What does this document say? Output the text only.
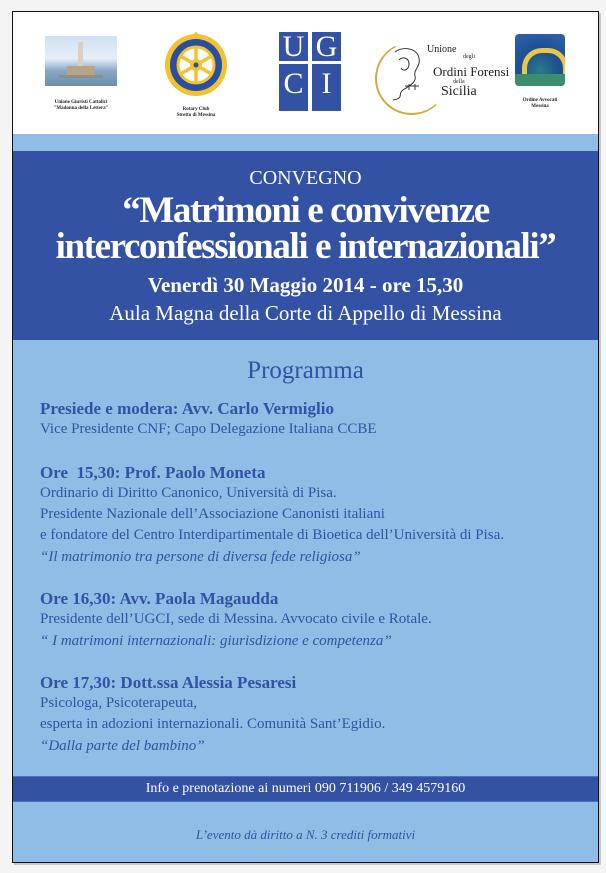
Unione Giuristi Cattolici
"Madonna della Lettera"	Rotary Club
Stretto di Messina
U G
C I
Unione
degli
Ordini Forensi
della
Sicilia
Ordine Avvocati
Messina
CONVEGNO
“Matrimoni e convivenze
interconfessionali e internazionali”
Venerdì 30 Maggio 2014 - ore 15,30
Aula Magna della Corte di Appello di Messina
Programma
Presiede e modera: Avv. Carlo Vermiglio
Vice Presidente CNF; Capo Delegazione Italiana CCBE
Ore  15,30: Prof. Paolo Moneta
Ordinario di Diritto Canonico, Università di Pisa.
Presidente Nazionale dell’Associazione Canonisti italiani
e fondatore del Centro Interdipartimentale di Bioetica dell’Università di Pisa.
“Il matrimonio tra persone di diversa fede religiosa”
Ore 16,30: Avv. Paola Magaudda
Presidente dell’UGCI, sede di Messina. Avvocato civile e Rotale.
“ I matrimoni internazionali: giurisdizione e competenza”
Ore 17,30: Dott.ssa Alessia Pesaresi
Psicologa, Psicoterapeuta,
esperta in adozioni internazionali. Comunità Sant’Egidio.
“Dalla parte del bambino”
Info e prenotazione ai numeri 090 711906 / 349 4579160
L’evento dà diritto a N. 3 crediti formativi
